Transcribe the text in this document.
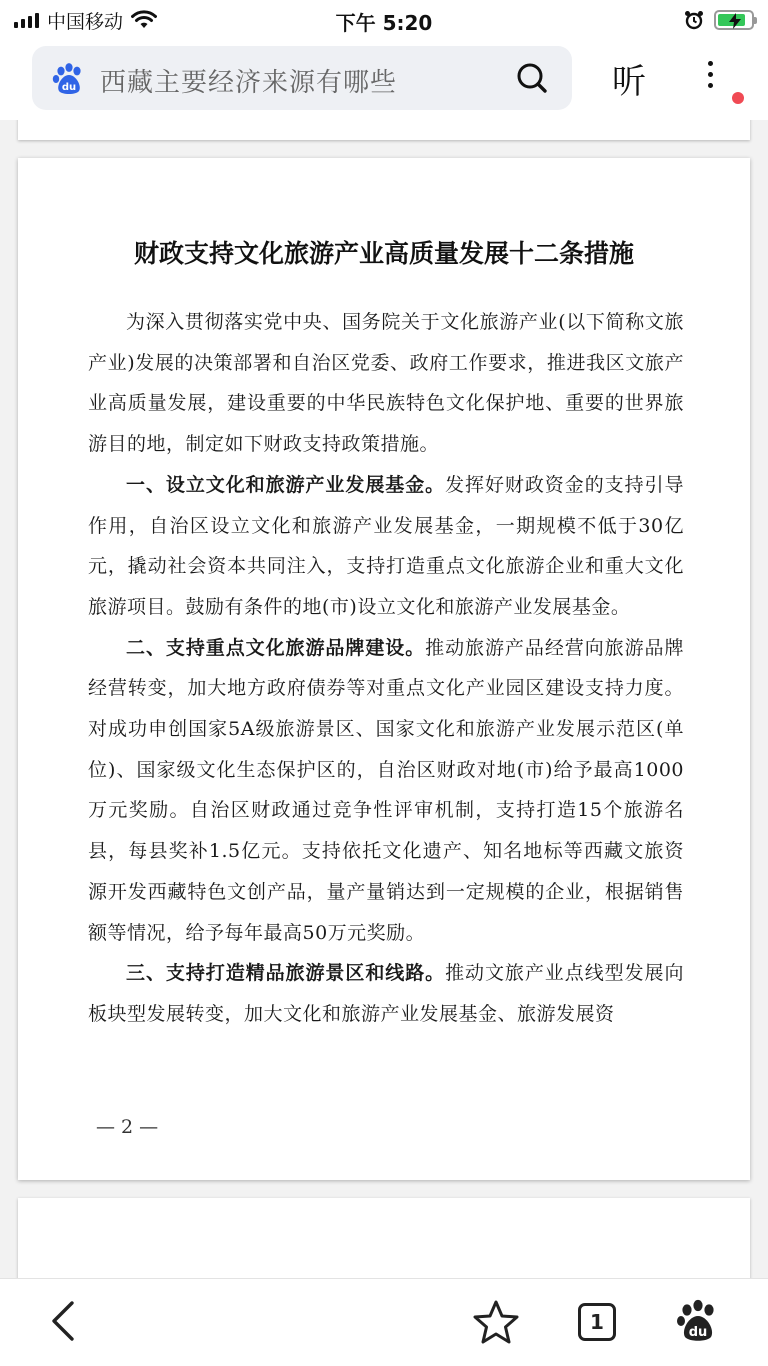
中国移动	下午 5:20
du 西藏主要经济来源有哪些	听
财政支持文化旅游产业高质量发展十二条措施

为深入贯彻落实党中央、国务院关于文化旅游产业(以下简称文旅产业)发展的决策部署和自治区党委、政府工作要求，推进我区文旅产业高质量发展，建设重要的中华民族特色文化保护地、重要的世界旅游目的地，制定如下财政支持政策措施。

一、设立文化和旅游产业发展基金。发挥好财政资金的支持引导作用，自治区设立文化和旅游产业发展基金，一期规模不低于30亿元，撬动社会资本共同注入，支持打造重点文化旅游企业和重大文化旅游项目。鼓励有条件的地(市)设立文化和旅游产业发展基金。

二、支持重点文化旅游品牌建设。推动旅游产品经营向旅游品牌经营转变，加大地方政府债券等对重点文化产业园区建设支持力度。对成功申创国家5A级旅游景区、国家文化和旅游产业发展示范区(单位)、国家级文化生态保护区的，自治区财政对地(市)给予最高1000万元奖励。自治区财政通过竞争性评审机制，支持打造15个旅游名县，每县奖补1.5亿元。支持依托文化遗产、知名地标等西藏文旅资源开发西藏特色文创产品，量产量销达到一定规模的企业，根据销售额等情况，给予每年最高50万元奖励。

三、支持打造精品旅游景区和线路。推动文旅产业点线型发展向板块型发展转变，加大文化和旅游产业发展基金、旅游发展资

— 2 —
1	du
